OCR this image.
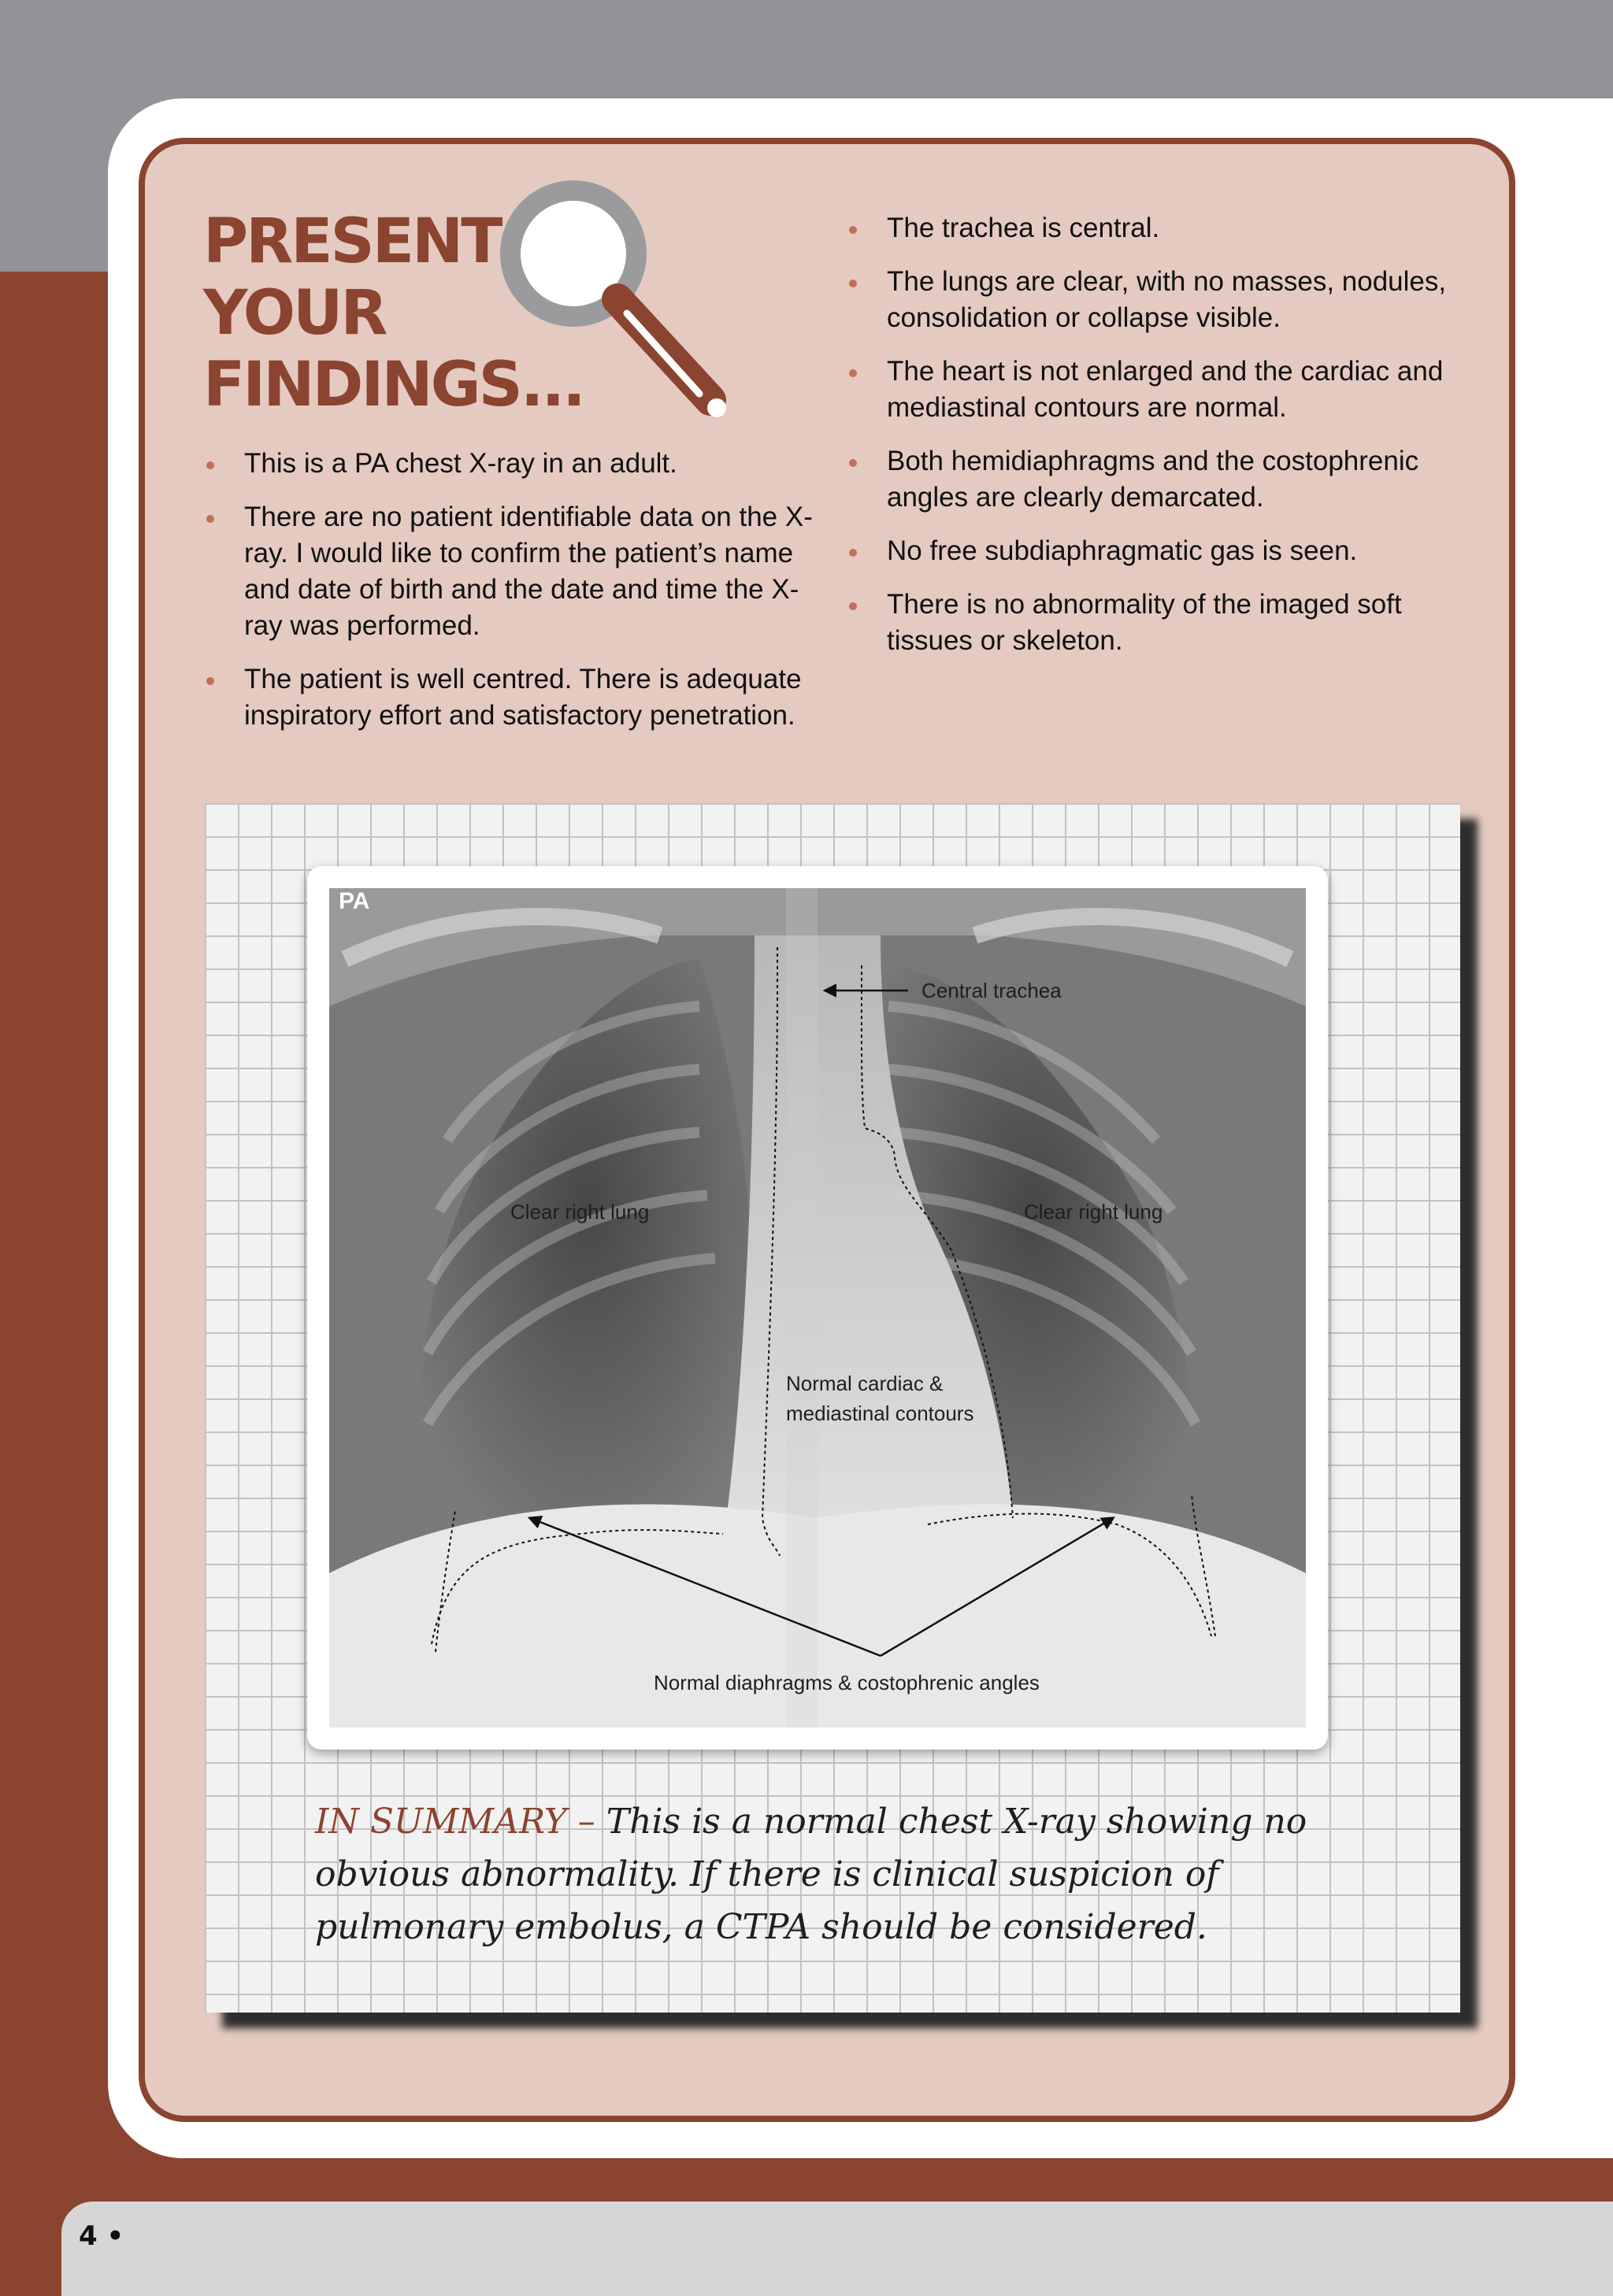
PRESENT
YOUR
FINDINGS...
This is a PA chest X-ray in an adult.
There are no patient identifiable data on the X-ray. I would like to confirm the patient’s name and date of birth and the date and time the X-ray was performed.
The patient is well centred. There is adequate inspiratory effort and satisfactory penetration.
The trachea is central.
The lungs are clear, with no masses, nodules, consolidation or collapse visible.
The heart is not enlarged and the cardiac and mediastinal contours are normal.
Both hemidiaphragms and the costophrenic angles are clearly demarcated.
No free subdiaphragmatic gas is seen.
There is no abnormality of the imaged soft tissues or skeleton.
PA
Central trachea
Clear right lung	Clear right lung
Normal cardiac &
mediastinal contours
Normal diaphragms & costophrenic angles

IN SUMMARY – This is a normal chest X-ray showing no obvious abnormality. If there is clinical suspicion of pulmonary embolus, a CTPA should be considered.

4 •
